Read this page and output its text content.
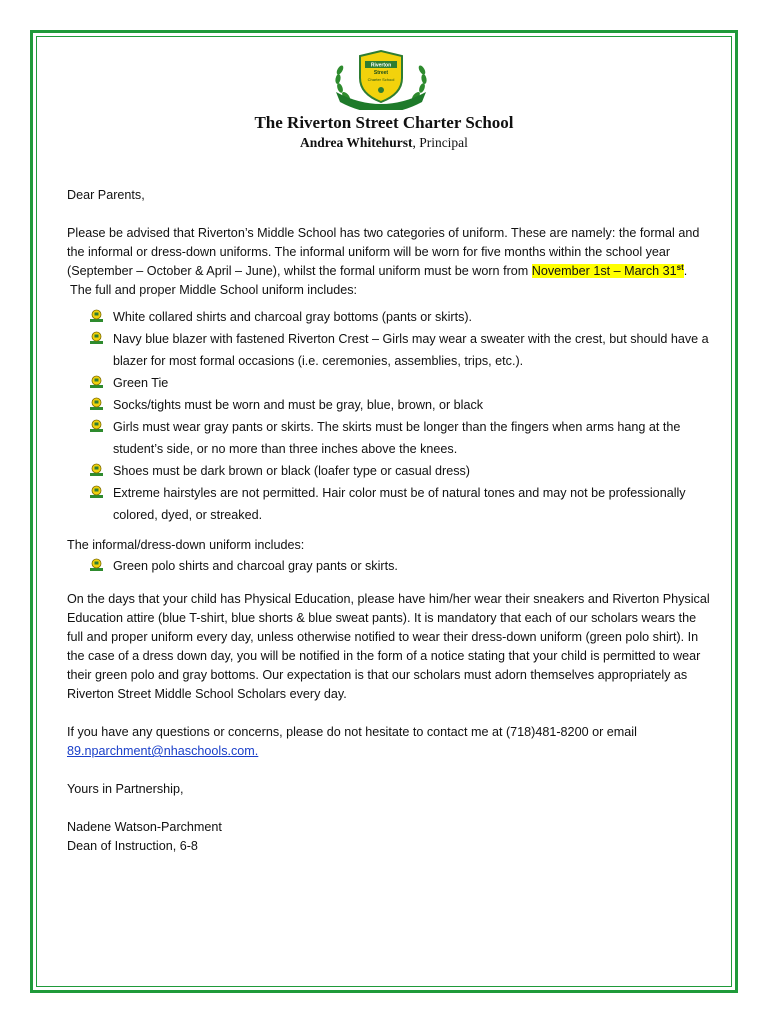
Riverton
Street
Charter School
The Riverton Street Charter School
Andrea Whitehurst, Principal

Dear Parents,

Please be advised that Riverton’s Middle School has two categories of uniform. These are namely: the formal and the informal or dress-down uniforms. The informal uniform will be worn for five months within the school year (September – October & April – June), whilst the formal uniform must be worn from November 1st – March 31st.

The full and proper Middle School uniform includes:

White collared shirts and charcoal gray bottoms (pants or skirts).
Navy blue blazer with fastened Riverton Crest – Girls may wear a sweater with the crest, but should have a blazer for most formal occasions (i.e. ceremonies, assemblies, trips, etc.).
Green Tie
Socks/tights must be worn and must be gray, blue, brown, or black
Girls must wear gray pants or skirts. The skirts must be longer than the fingers when arms hang at the student’s side, or no more than three inches above the knees.
Shoes must be dark brown or black (loafer type or casual dress)
Extreme hairstyles are not permitted. Hair color must be of natural tones and may not be professionally colored, dyed, or streaked.

The informal/dress-down uniform includes:

Green polo shirts and charcoal gray pants or skirts.

On the days that your child has Physical Education, please have him/her wear their sneakers and Riverton Physical Education attire (blue T-shirt, blue shorts & blue sweat pants). It is mandatory that each of our scholars wears the full and proper uniform every day, unless otherwise notified to wear their dress-down uniform (green polo shirt). In the case of a dress down day, you will be notified in the form of a notice stating that your child is permitted to wear their green polo and gray bottoms. Our expectation is that our scholars must adorn themselves appropriately as Riverton Street Middle School Scholars every day.

If you have any questions or concerns, please do not hesitate to contact me at (718)481-8200 or email

89.nparchment@nhaschools.com.

Yours in Partnership,

Nadene Watson-Parchment

Dean of Instruction, 6-8
